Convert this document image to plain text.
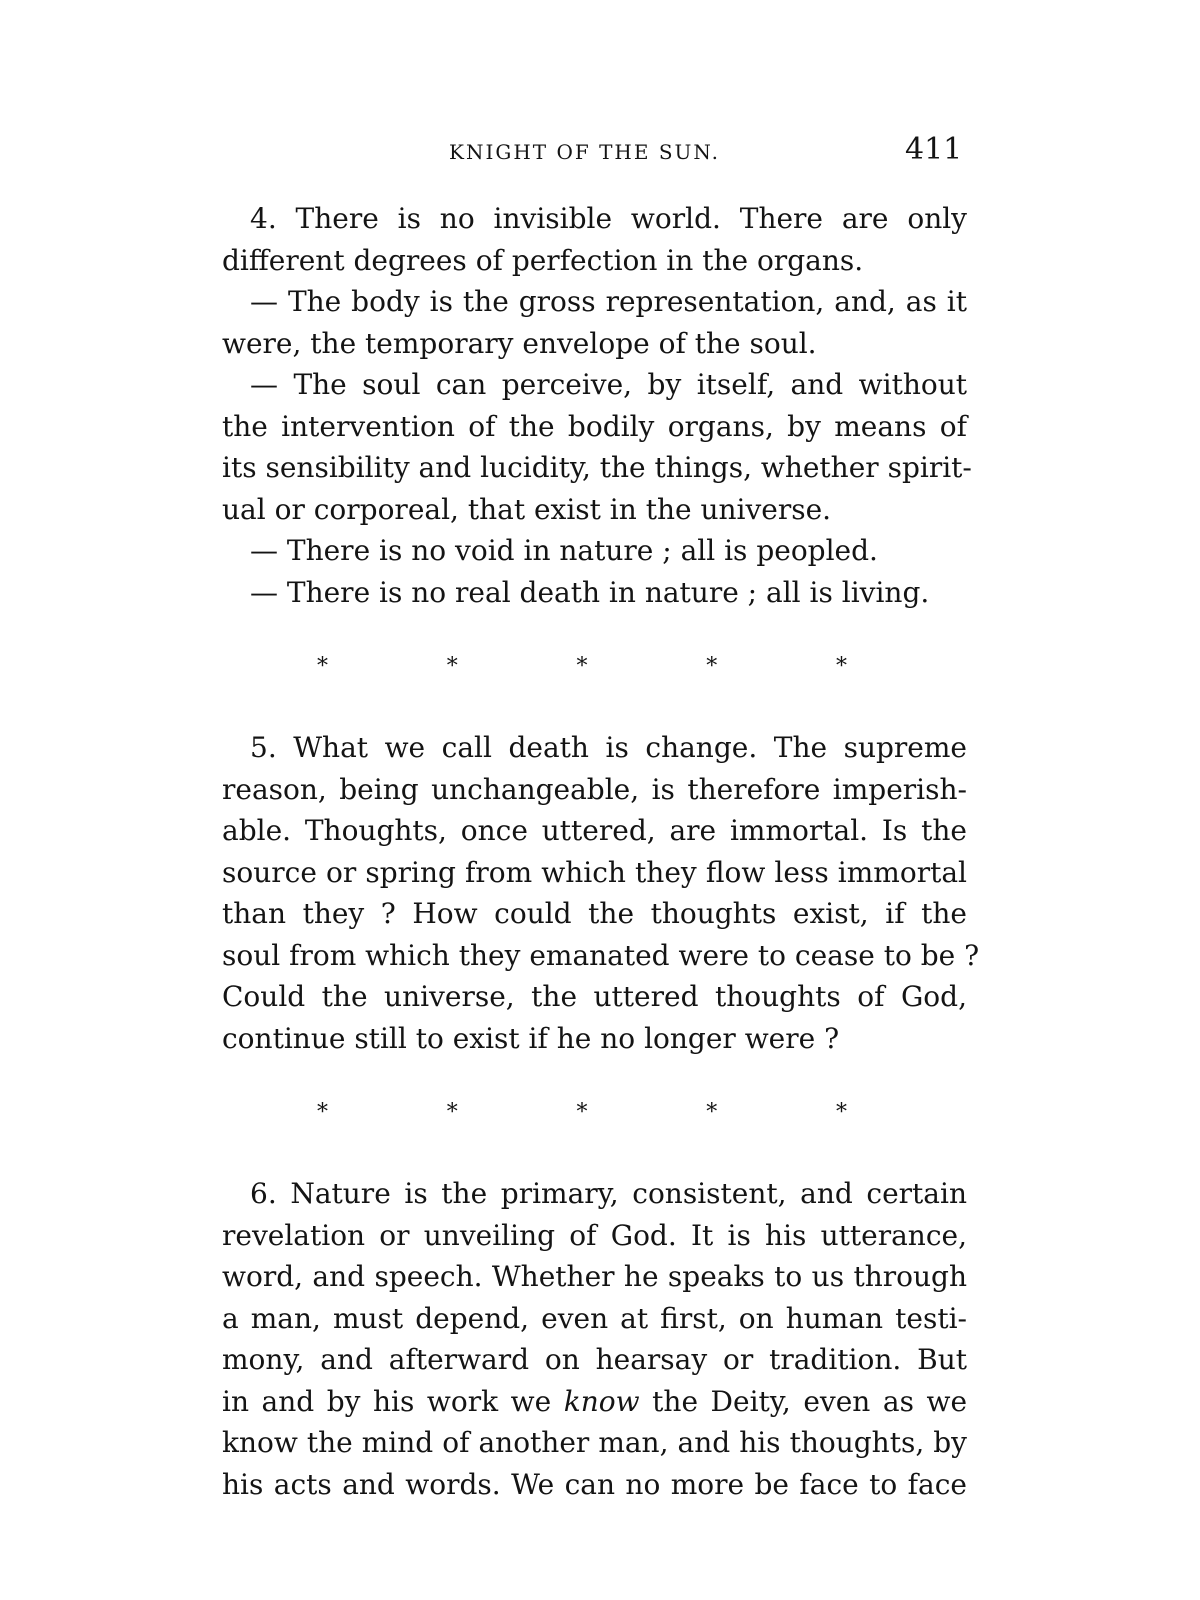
KNIGHT OF THE SUN.	411
4. There is no invisible world. There are only
different degrees of perfection in the organs.
— The body is the gross representation, and, as it
were, the temporary envelope of the soul.
— The soul can perceive, by itself, and without
the intervention of the bodily organs, by means of
its sensibility and lucidity, the things, whether spirit-
ual or corporeal, that exist in the universe.
— There is no void in nature ; all is peopled.
— There is no real death in nature ; all is living.
*	*	*	*	*
5. What we call death is change. The supreme
reason, being unchangeable, is therefore imperish-
able. Thoughts, once uttered, are immortal. Is the
source or spring from which they flow less immortal
than they ? How could the thoughts exist, if the
soul from which they emanated were to cease to be ?
Could the universe, the uttered thoughts of God,
continue still to exist if he no longer were ?
*	*	*	*	*
6. Nature is the primary, consistent, and certain
revelation or unveiling of God. It is his utterance,
word, and speech. Whether he speaks to us through
a man, must depend, even at first, on human testi-
mony, and afterward on hearsay or tradition. But
in and by his work we know the Deity, even as we
know the mind of another man, and his thoughts, by
his acts and words. We can no more be face to face
